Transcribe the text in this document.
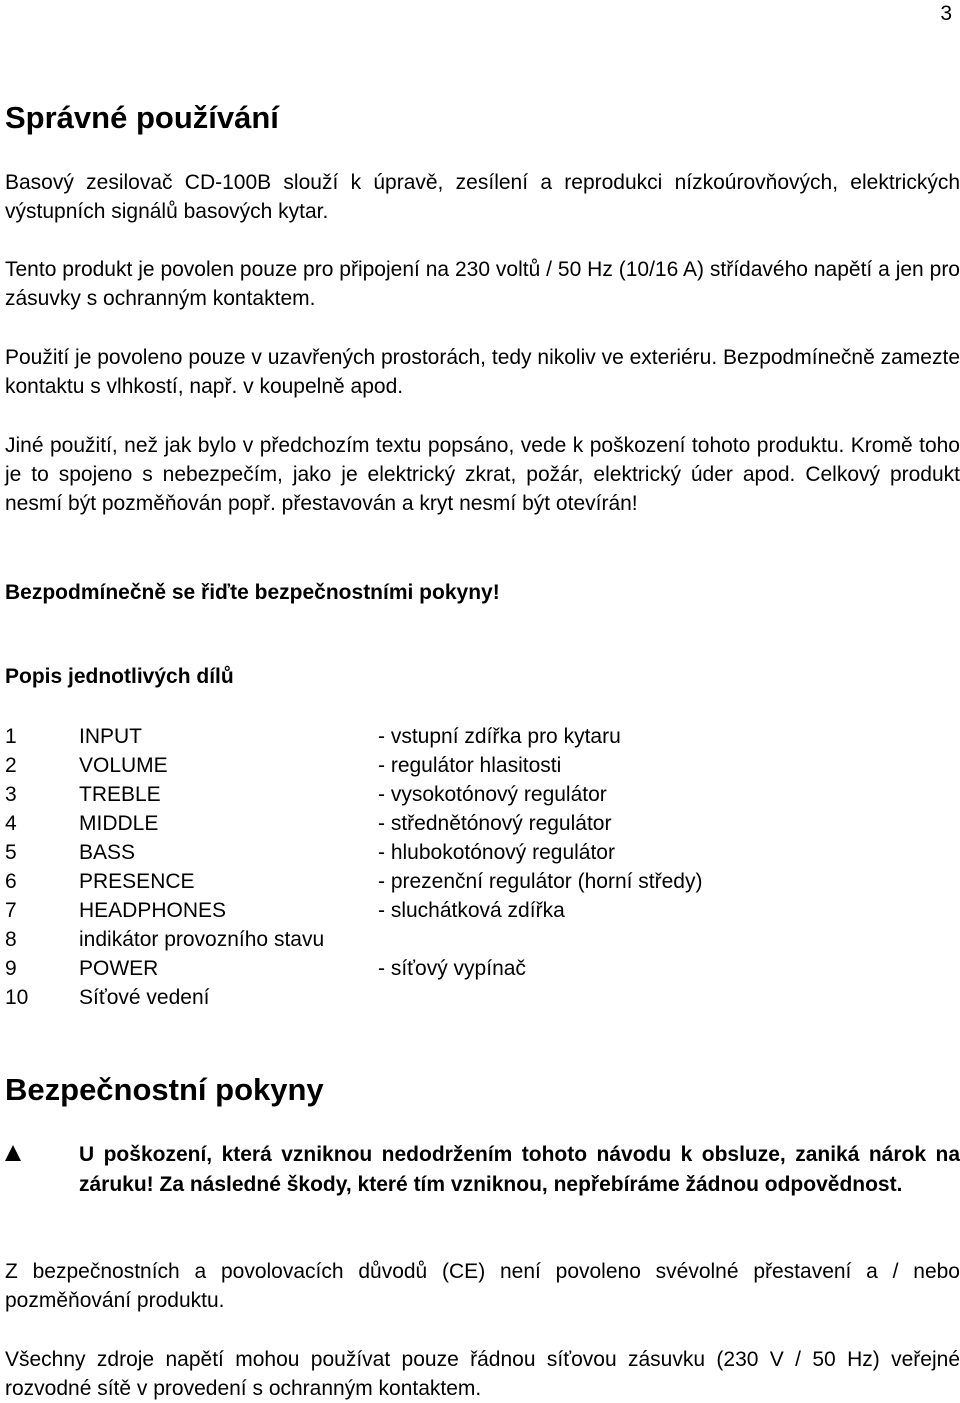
3
Správné používání

Basový zesilovač CD-100B slouží k úpravě, zesílení a reprodukci nízkoúrovňových, elektrických výstupních signálů basových kytar.

Tento produkt je povolen pouze pro připojení na 230 voltů / 50 Hz (10/16 A) střídavého napětí a jen pro zásuvky s ochranným kontaktem.

Použití je povoleno pouze v uzavřených prostorách, tedy nikoliv ve exteriéru. Bezpodmínečně zamezte kontaktu s vlhkostí, např. v koupelně apod.

Jiné použití, než jak bylo v předchozím textu popsáno, vede k poškození tohoto produktu. Kromě toho je to spojeno s nebezpečím, jako je elektrický zkrat, požár, elektrický úder apod. Celkový produkt nesmí být pozměňován popř. přestavován a kryt nesmí být otevírán!

Bezpodmínečně se řiďte bezpečnostními pokyny!

Popis jednotlivých dílů
1	INPUT	- vstupní zdířka pro kytaru
2	VOLUME	- regulátor hlasitosti
3	TREBLE	- vysokotónový regulátor
4	MIDDLE	- střednětónový regulátor
5	BASS	- hlubokotónový regulátor
6	PRESENCE	- prezenční regulátor (horní středy)
7	HEADPHONES	- sluchátková zdířka
8	indikátor provozního stavu
9	POWER	- síťový vypínač
10 Síťové vedení
Bezpečnostní pokyny

U poškození, která vzniknou nedodržením tohoto návodu k obsluze, zaniká nárok na záruku! Za následné škody, které tím vzniknou, nepřebíráme žádnou odpovědnost.

Z bezpečnostních a povolovacích důvodů (CE) není povoleno svévolné přestavení a / nebo pozměňování produktu.

Všechny zdroje napětí mohou používat pouze řádnou síťovou zásuvku (230 V / 50 Hz) veřejné rozvodné sítě v provedení s ochranným kontaktem.
